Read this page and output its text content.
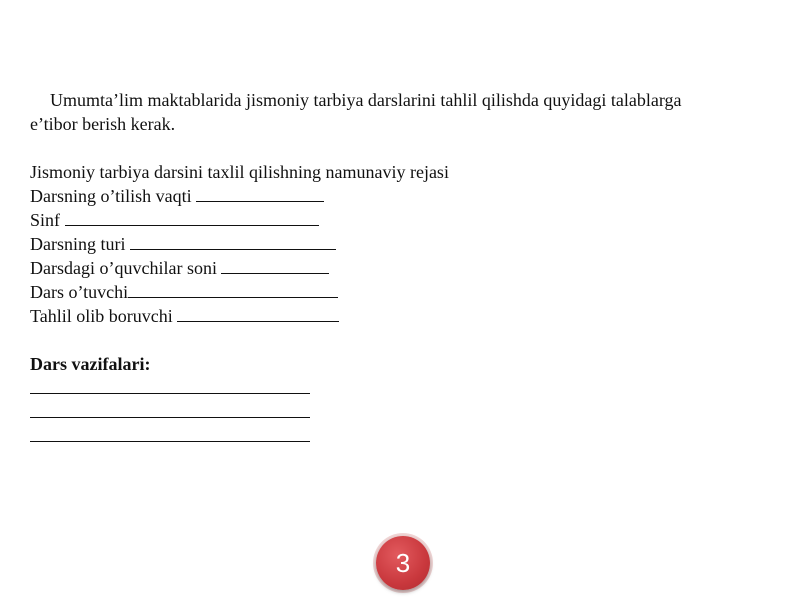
Umumta’lim maktablarida jismoniy tarbiya darslarini tahlil qilishda quyidagi talablarga e’tibor berish kerak.

Jismoniy tarbiya darsini taxlil qilishning namunaviy rejasi
Darsning o’tilish vaqti
Sinf
Darsning turi
Darsdagi o’quvchilar soni
Dars o’tuvchi
Tahlil olib boruvchi
Dars vazifalari:
3
